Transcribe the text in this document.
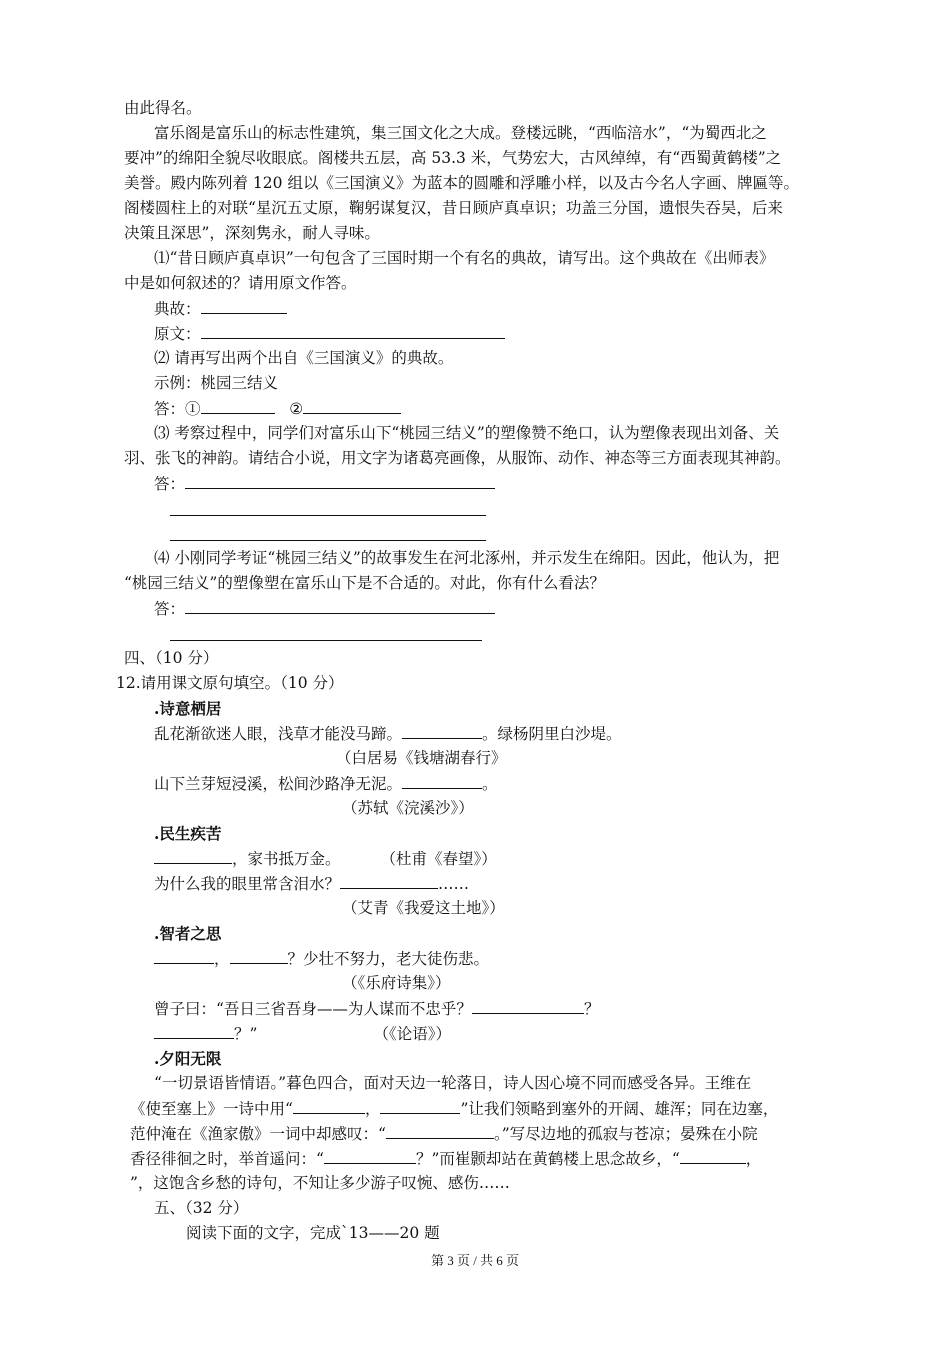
由此得名。
富乐阁是富乐山的标志性建筑，集三国文化之大成。登楼远眺，“西临涪水”，“为蜀西北之
要冲”的绵阳全貌尽收眼底。阁楼共五层，高 53.3 米，气势宏大，古风绰绰，有“西蜀黄鹤楼”之
美誉。殿内陈列着 120 组以《三国演义》为蓝本的圆雕和浮雕小样，以及古今名人字画、牌匾等。
阁楼圆柱上的对联“星沉五丈原，鞠躬谋复汉，昔日顾庐真卓识；功盖三分国，遗恨失吞吴，后来
决策且深思”，深刻隽永，耐人寻味。
⑴“昔日顾庐真卓识”一句包含了三国时期一个有名的典故，请写出。这个典故在《出师表》
中是如何叙述的？请用原文作答。
典故：
原文：
⑵ 请再写出两个出自《三国演义》的典故。
示例：桃园三结义
答：①	②
⑶ 考察过程中，同学们对富乐山下“桃园三结义”的塑像赞不绝口，认为塑像表现出刘备、关
羽、张飞的神韵。请结合小说，用文字为诸葛亮画像，从服饰、动作、神态等三方面表现其神韵。
答：
⑷ 小刚同学考证“桃园三结义”的故事发生在河北涿州，并示发生在绵阳。因此，他认为，把
“桃园三结义”的塑像塑在富乐山下是不合适的。对此，你有什么看法？
答：
四、（10 分）
12.请用课文原句填空。（10 分）
.诗意栖居
乱花渐欲迷人眼，浅草才能没马蹄。	。绿杨阴里白沙堤。
（白居易《钱塘湖春行》
山下兰芽短浸溪，松间沙路净无泥。	。
（苏轼《浣溪沙》）
.民生疾苦
，家书抵万金。	（杜甫《春望》）
为什么我的眼里常含泪水？	……
（艾青《我爱这土地》）
.智者之思
，	？少壮不努力，老大徒伤悲。
（《乐府诗集》）
曾子曰：“吾日三省吾身——为人谋而不忠乎？	？
？”	（《论语》）
.夕阳无限
“一切景语皆情语。”暮色四合，面对天边一轮落日，诗人因心境不同而感受各异。王维在
《使至塞上》一诗中用“	，	”让我们领略到塞外的开阔、雄浑；同在边塞，
范仲淹在《渔家傲》一词中却感叹：“	。”写尽边地的孤寂与苍凉；晏殊在小院
香径徘徊之时，举首遥问：“	？”而崔颢却站在黄鹤楼上思念故乡，“	，
”，这饱含乡愁的诗句，不知让多少游子叹惋、感伤……
五、（32 分）
阅读下面的文字，完成`13——20 题
第 3 页 / 共 6 页
